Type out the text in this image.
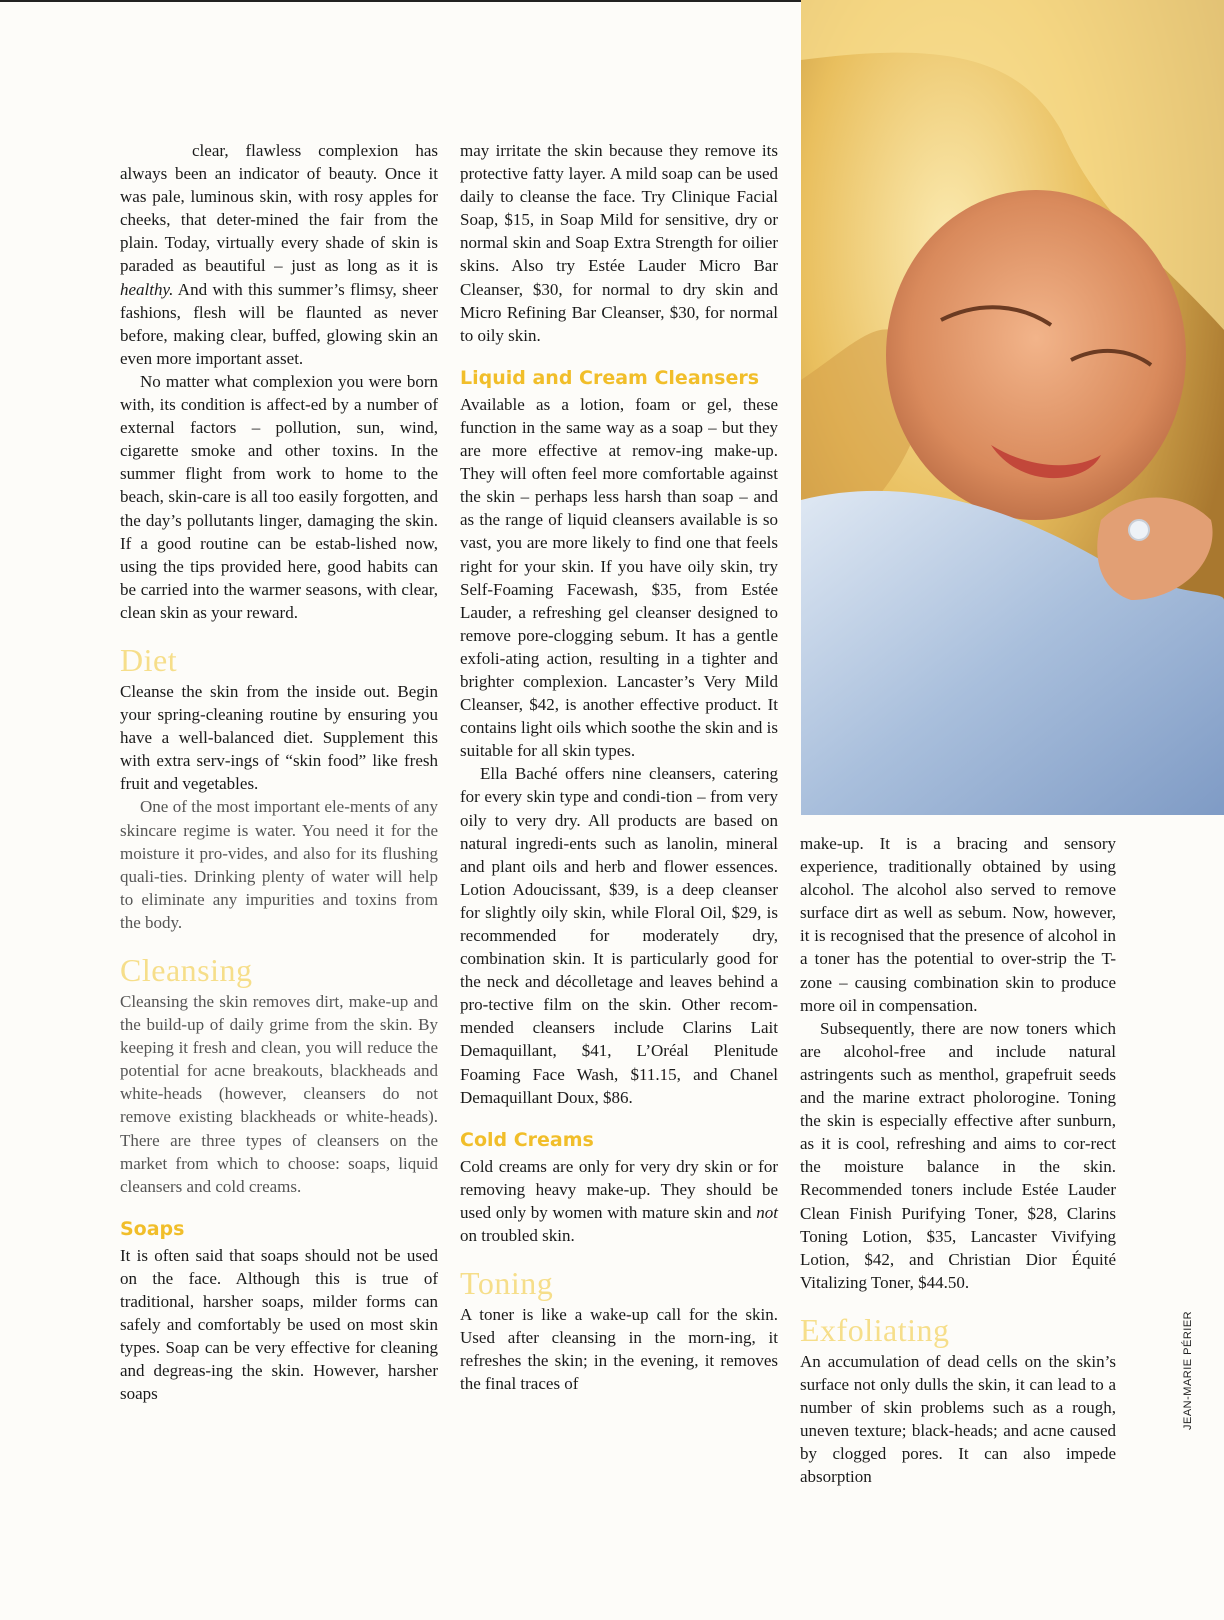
clear, flawless complexion has always been an indicator of beauty. Once it was pale, luminous skin, with rosy apples for cheeks, that deter-mined the fair from the plain. Today, virtually every shade of skin is paraded as beautiful – just as long as it is healthy. And with this summer’s flimsy, sheer fashions, flesh will be flaunted as never before, making clear, buffed, glowing skin an even more important asset.

No matter what complexion you were born with, its condition is affect-ed by a number of external factors – pollution, sun, wind, cigarette smoke and other toxins. In the summer flight from work to home to the beach, skin-care is all too easily forgotten, and the day’s pollutants linger, damaging the skin. If a good routine can be estab-lished now, using the tips provided here, good habits can be carried into the warmer seasons, with clear, clean skin as your reward.

Diet

Cleanse the skin from the inside out. Begin your spring-cleaning routine by ensuring you have a well-balanced diet. Supplement this with extra serv-ings of “skin food” like fresh fruit and vegetables.

One of the most important ele-ments of any skincare regime is water. You need it for the moisture it pro-vides, and also for its flushing quali-ties. Drinking plenty of water will help to eliminate any impurities and toxins from the body.

Cleansing

Cleansing the skin removes dirt, make-up and the build-up of daily grime from the skin. By keeping it fresh and clean, you will reduce the potential for acne breakouts, blackheads and white-heads (however, cleansers do not remove existing blackheads or white-heads). There are three types of cleansers on the market from which to choose: soaps, liquid cleansers and cold creams.

Soaps

It is often said that soaps should not be used on the face. Although this is true of traditional, harsher soaps, milder forms can safely and comfortably be used on most skin types. Soap can be very effective for cleaning and degreas-ing the skin. However, harsher soaps

may irritate the skin because they remove its protective fatty layer. A mild soap can be used daily to cleanse the face. Try Clinique Facial Soap, $15, in Soap Mild for sensitive, dry or normal skin and Soap Extra Strength for oilier skins. Also try Estée Lauder Micro Bar Cleanser, $30, for normal to dry skin and Micro Refining Bar Cleanser, $30, for normal to oily skin.

Liquid and Cream Cleansers

Available as a lotion, foam or gel, these function in the same way as a soap – but they are more effective at remov-ing make-up. They will often feel more comfortable against the skin – perhaps less harsh than soap – and as the range of liquid cleansers available is so vast, you are more likely to find one that feels right for your skin. If you have oily skin, try Self-Foaming Facewash, $35, from Estée Lauder, a refreshing gel cleanser designed to remove pore-clogging sebum. It has a gentle exfoli-ating action, resulting in a tighter and brighter complexion. Lancaster’s Very Mild Cleanser, $42, is another effective product. It contains light oils which soothe the skin and is suitable for all skin types.

Ella Baché offers nine cleansers, catering for every skin type and condi-tion – from very oily to very dry. All products are based on natural ingredi-ents such as lanolin, mineral and plant oils and herb and flower essences. Lotion Adoucissant, $39, is a deep cleanser for slightly oily skin, while Floral Oil, $29, is recommended for moderately dry, combination skin. It is particularly good for the neck and décolletage and leaves behind a pro-tective film on the skin. Other recom-mended cleansers include Clarins Lait Demaquillant, $41, L’Oréal Plenitude Foaming Face Wash, $11.15, and Chanel Demaquillant Doux, $86.

Cold Creams

Cold creams are only for very dry skin or for removing heavy make-up. They should be used only by women with mature skin and not on troubled skin.

Toning

A toner is like a wake-up call for the skin. Used after cleansing in the morn-ing, it refreshes the skin; in the evening, it removes the final traces of

make-up. It is a bracing and sensory experience, traditionally obtained by using alcohol. The alcohol also served to remove surface dirt as well as sebum. Now, however, it is recognised that the presence of alcohol in a toner has the potential to over-strip the T-zone – causing combination skin to produce more oil in compensation.

Subsequently, there are now toners which are alcohol-free and include natural astringents such as menthol, grapefruit seeds and the marine extract pholorogine. Toning the skin is especially effective after sunburn, as it is cool, refreshing and aims to cor-rect the moisture balance in the skin. Recommended toners include Estée Lauder Clean Finish Purifying Toner, $28, Clarins Toning Lotion, $35, Lancaster Vivifying Lotion, $42, and Christian Dior Équité Vitalizing Toner, $44.50.

Exfoliating

An accumulation of dead cells on the skin’s surface not only dulls the skin, it can lead to a number of skin problems such as a rough, uneven texture; black-heads; and acne caused by clogged pores. It can also impede absorption

JEAN-MARIE PÉRIER
